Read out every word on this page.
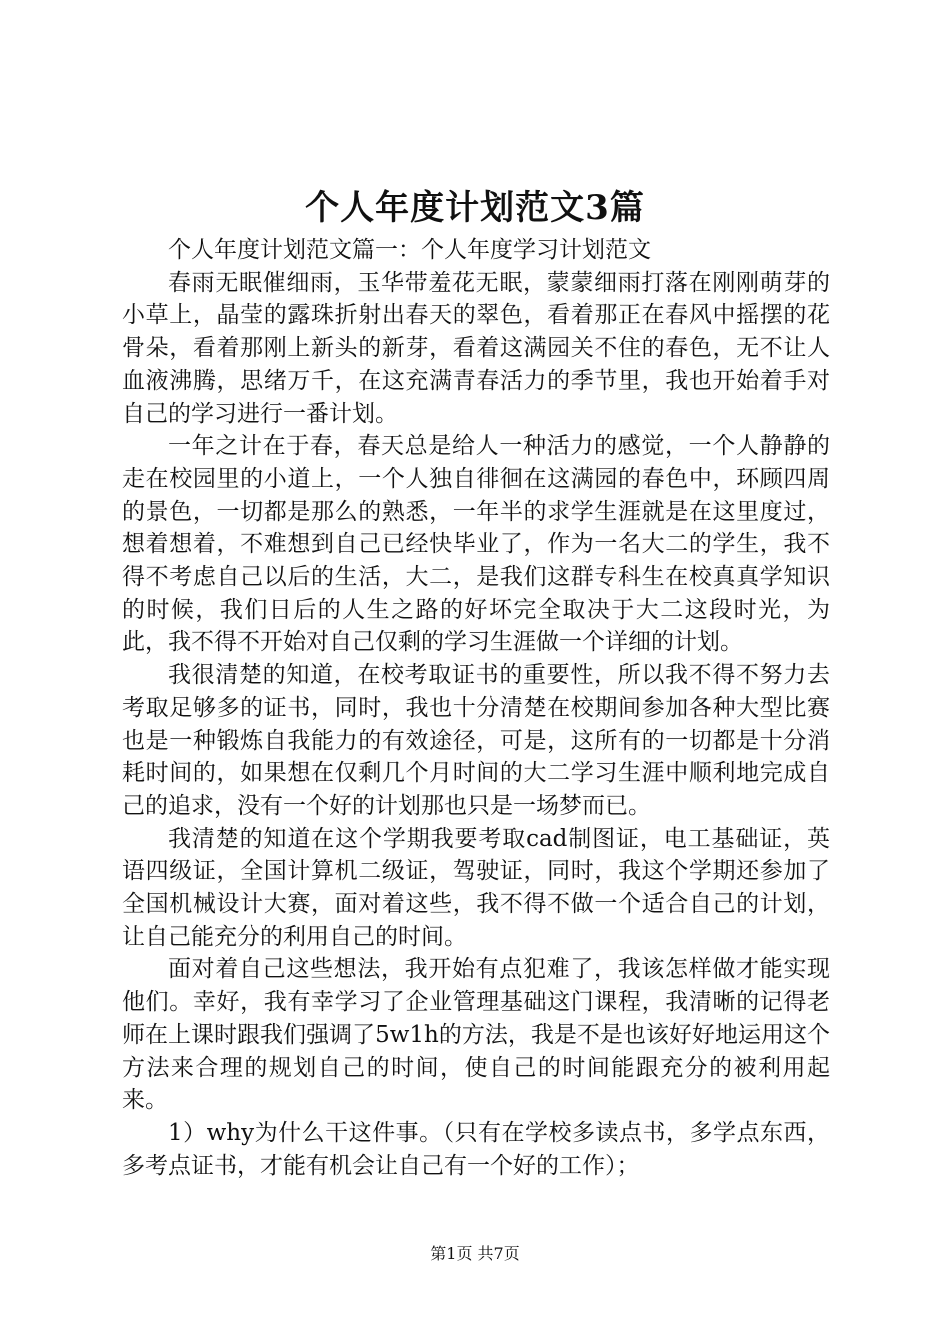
个人年度计划范文3篇

个人年度计划范文篇一：个人年度学习计划范文

春雨无眠催细雨，玉华带羞花无眠，蒙蒙细雨打落在刚刚萌芽的小草上，晶莹的露珠折射出春天的翠色，看着那正在春风中摇摆的花骨朵，看着那刚上新头的新芽，看着这满园关不住的春色，无不让人血液沸腾，思绪万千，在这充满青春活力的季节里，我也开始着手对自己的学习进行一番计划。

一年之计在于春，春天总是给人一种活力的感觉，一个人静静的走在校园里的小道上，一个人独自徘徊在这满园的春色中，环顾四周的景色，一切都是那么的熟悉，一年半的求学生涯就是在这里度过，想着想着，不难想到自己已经快毕业了，作为一名大二的学生，我不得不考虑自己以后的生活，大二，是我们这群专科生在校真真学知识的时候，我们日后的人生之路的好坏完全取决于大二这段时光，为此，我不得不开始对自己仅剩的学习生涯做一个详细的计划。

我很清楚的知道，在校考取证书的重要性，所以我不得不努力去考取足够多的证书，同时，我也十分清楚在校期间参加各种大型比赛也是一种锻炼自我能力的有效途径，可是，这所有的一切都是十分消耗时间的，如果想在仅剩几个月时间的大二学习生涯中顺利地完成自己的追求，没有一个好的计划那也只是一场梦而已。

我清楚的知道在这个学期我要考取cad制图证，电工基础证，英语四级证，全国计算机二级证，驾驶证，同时，我这个学期还参加了全国机械设计大赛，面对着这些，我不得不做一个适合自己的计划，让自己能充分的利用自己的时间。

面对着自己这些想法，我开始有点犯难了，我该怎样做才能实现他们。幸好，我有幸学习了企业管理基础这门课程，我清晰的记得老师在上课时跟我们强调了5w1h的方法，我是不是也该好好地运用这个方法来合理的规划自己的时间，使自己的时间能跟充分的被利用起来。

1）why为什么干这件事。（只有在学校多读点书，多学点东西，多考点证书，才能有机会让自己有一个好的工作）；

第1页 共7页
